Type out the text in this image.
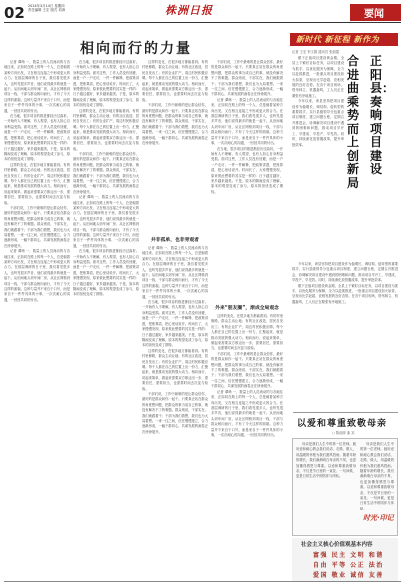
02 2024年3月14日 星期四
责任编辑 王宏 版式 刘涛	株洲日报	要闻
相向而行的力量

记者 谭萌 一、数量上的人员流动的与各地往来，正如同在路上的每一个人，总是朝着某种方向出发，又在相互连接之中形成更大的合力。在基层调研的日子里，我们看见很多人，也听见很多声音，他们说得最多的就是一起干。从田间地头到车间厂房，从社区网格到项目一线，干部与群众相向而行，才有了今天这样的面貌。这种力量并不来自于口号，而是来自于一件件具体的小事，一次次耐心的沟通，一回回共同的付出。

在当地，很多项目的推进都经历过曲折。一开始有人不理解，有人观望，也有人担心自身利益受损。面对这些，工作人员没有回避，而是一户一户走访，一件一件解释，把政策讲透，把账算清，把心里话说开。时间长了，大家慢慢发现，原来彼此想要的其实是一样的：日子越过越好，家乡越来越美。于是，原本的隔阂变成了理解，原本的观望变成了参与，原本的担忧变成了期待。

这样的变化，在很多地方都能看到。有的村里修路，群众主动让地；有的社区改造，居民自发出工；有的企业扩产，周边村民积极应聘。每个人都在自己的位置上出一份力，汇聚起来，就是推动发展的强大动力。相向而行，说起来简单，做起来需要双方都迈出一步，需要信任，需要担当，也需要时间去沉淀与检验。

干部们说，工作中最难的是让群众信你，最好的是群众和你一起干。只要真正站在群众的角度想问题，把群众的事当成自己的事，就没有解决不了的难题。群众则说，干部实在，我们就跟着干；干部为我们着想，我们也为大局着想。一来一往之间，信任慢慢建立，合力逐渐形成，一幅干群同心、共谋发展的画卷正在徐徐展开。

记者 谭萌 一、数量上的人员流动的与各地往来，正如同在路上的每一个人，总是朝着某种方向出发，又在相互连接之中形成更大的合力。在基层调研的日子里，我们看见很多人，也听见很多声音，他们说得最多的就是一起干。从田间地头到车间厂房，从社区网格到项目一线，干部与群众相向而行，才有了今天这样的面貌。这种力量并不来自于口号，而是来自于一件件具体的小事，一次次耐心的沟通，一回回共同的付出。

在当地，很多项目的推进都经历过曲折。一开始有人不理解，有人观望，也有人担心自身利益受损。面对这些，工作人员没有回避，而是一户一户走访，一件一件解释，把政策讲透，把账算清，把心里话说开。时间长了，大家慢慢发现，原来彼此想要的其实是一样的：日子越过越好，家乡越来越美。于是，原本的隔阂变成了理解，原本的观望变成了参与，原本的担忧变成了期待。

这样的变化，在很多地方都能看到。有的村里修路，群众主动让地；有的社区改造，居民自发出工；有的企业扩产，周边村民积极应聘。每个人都在自己的位置上出一份力，汇聚起来，就是推动发展的强大动力。相向而行，说起来简单，做起来需要双方都迈出一步，需要信任，需要担当，也需要时间去沉淀与检验。

干部们说，工作中最难的是让群众信你，最好的是群众和你一起干。只要真正站在群众的角度想问题，把群众的事当成自己的事，就没有解决不了的难题。群众则说，干部实在，我们就跟着干；干部为我们着想，我们也为大局着想。一来一往之间，信任慢慢建立，合力逐渐形成，一幅干群同心、共谋发展的画卷正在徐徐展开。

记者 谭萌 一、数量上的人员流动的与各地往来，正如同在路上的每一个人，总是朝着某种方向出发，又在相互连接之中形成更大的合力。在基层调研的日子里，我们看见很多人，也听见很多声音，他们说得最多的就是一起干。从田间地头到车间厂房，从社区网格到项目一线，干部与群众相向而行，才有了今天这样的面貌。这种力量并不来自于口号，而是来自于一件件具体的小事，一次次耐心的沟通，一回回共同的付出。

在当地，很多项目的推进都经历过曲折。一开始有人不理解，有人观望，也有人担心自身利益受损。面对这些，工作人员没有回避，而是一户一户走访，一件一件解释，把政策讲透，把账算清，把心里话说开。时间长了，大家慢慢发现，原来彼此想要的其实是一样的：日子越过越好，家乡越来越美。于是，原本的隔阂变成了理解，原本的观望变成了参与，原本的担忧变成了期待。

这样的变化，在很多地方都能看到。有的村里修路，群众主动让地；有的社区改造，居民自发出工；有的企业扩产，周边村民积极应聘。每个人都在自己的位置上出一份力，汇聚起来，就是推动发展的强大动力。相向而行，说起来简单，做起来需要双方都迈出一步，需要信任，需要担当，也需要时间去沉淀与检验。

干部们说，工作中最难的是让群众信你，最好的是群众和你一起干。只要真正站在群众的角度想问题，把群众的事当成自己的事，就没有解决不了的难题。群众则说，干部实在，我们就跟着干；干部为我们着想，我们也为大局着想。一来一往之间，信任慢慢建立，合力逐渐形成，一幅干群同心、共谋发展的画卷正在徐徐展开。

并非孤单，也非旁观者

记者 谭萌 一、数量上的人员流动的与各地往来，正如同在路上的每一个人，总是朝着某种方向出发，又在相互连接之中形成更大的合力。在基层调研的日子里，我们看见很多人，也听见很多声音，他们说得最多的就是一起干。从田间地头到车间厂房，从社区网格到项目一线，干部与群众相向而行，才有了今天这样的面貌。这种力量并不来自于口号，而是来自于一件件具体的小事，一次次耐心的沟通，一回回共同的付出。

在当地，很多项目的推进都经历过曲折。一开始有人不理解，有人观望，也有人担心自身利益受损。面对这些，工作人员没有回避，而是一户一户走访，一件一件解释，把政策讲透，把账算清，把心里话说开。时间长了，大家慢慢发现，原来彼此想要的其实是一样的：日子越过越好，家乡越来越美。于是，原本的隔阂变成了理解，原本的观望变成了参与，原本的担忧变成了期待。

这样的变化，在很多地方都能看到。有的村里修路，群众主动让地；有的社区改造，居民自发出工；有的企业扩产，周边村民积极应聘。每个人都在自己的位置上出一份力，汇聚起来，就是推动发展的强大动力。相向而行，说起来简单，做起来需要双方都迈出一步，需要信任，需要担当，也需要时间去沉淀与检验。

干部们说，工作中最难的是让群众信你，最好的是群众和你一起干。只要真正站在群众的角度想问题，把群众的事当成自己的事，就没有解决不了的难题。群众则说，干部实在，我们就跟着干；干部为我们着想，我们也为大局着想。一来一往之间，信任慢慢建立，合力逐渐形成，一幅干群同心、共谋发展的画卷正在徐徐展开。

干部们说，工作中最难的是让群众信你，最好的是群众和你一起干。只要真正站在群众的角度想问题，把群众的事当成自己的事，就没有解决不了的难题。群众则说，干部实在，我们就跟着干；干部为我们着想，我们也为大局着想。一来一往之间，信任慢慢建立，合力逐渐形成，一幅干群同心、共谋发展的画卷正在徐徐展开。

记者 谭萌 一、数量上的人员流动的与各地往来，正如同在路上的每一个人，总是朝着某种方向出发，又在相互连接之中形成更大的合力。在基层调研的日子里，我们看见很多人，也听见很多声音，他们说得最多的就是一起干。从田间地头到车间厂房，从社区网格到项目一线，干部与群众相向而行，才有了今天这样的面貌。这种力量并不来自于口号，而是来自于一件件具体的小事，一次次耐心的沟通，一回回共同的付出。

在当地，很多项目的推进都经历过曲折。一开始有人不理解，有人观望，也有人担心自身利益受损。面对这些，工作人员没有回避，而是一户一户走访，一件一件解释，把政策讲透，把账算清，把心里话说开。时间长了，大家慢慢发现，原来彼此想要的其实是一样的：日子越过越好，家乡越来越美。于是，原本的隔阂变成了理解，原本的观望变成了参与，原本的担忧变成了期待。

外来“朋友圈”，渐成全局观念

这样的变化，在很多地方都能看到。有的村里修路，群众主动让地；有的社区改造，居民自发出工；有的企业扩产，周边村民积极应聘。每个人都在自己的位置上出一份力，汇聚起来，就是推动发展的强大动力。相向而行，说起来简单，做起来需要双方都迈出一步，需要信任，需要担当，也需要时间去沉淀与检验。

干部们说，工作中最难的是让群众信你，最好的是群众和你一起干。只要真正站在群众的角度想问题，把群众的事当成自己的事，就没有解决不了的难题。群众则说，干部实在，我们就跟着干；干部为我们着想，我们也为大局着想。一来一往之间，信任慢慢建立，合力逐渐形成，一幅干群同心、共谋发展的画卷正在徐徐展开。

记者 谭萌 一、数量上的人员流动的与各地往来，正如同在路上的每一个人，总是朝着某种方向出发，又在相互连接之中形成更大的合力。在基层调研的日子里，我们看见很多人，也听见很多声音，他们说得最多的就是一起干。从田间地头到车间厂房，从社区网格到项目一线，干部与群众相向而行，才有了今天这样的面貌。这种力量并不来自于口号，而是来自于一件件具体的小事，一次次耐心的沟通，一回回共同的付出。

新时代 新征程 新作为
记者 王宏 李文娟 通讯员 张丽霞

眼下正值项目建设黄金期，全县上下紧盯目标任务，以项目建设为抓手，以优化服务为保障，全力以赴抓推进，一批重点项目建设如火如荼，呈现出比学赶超、竞相发展的良好态势。在各个项目现场，塔吊林立、机器轰鸣，工人们正在紧张有序地施工。

今年以来，该县坚持把项目建设作为稳增长、调结构、促转型的重要抓手，实行县级领导分包重点项目制度，建立问题台账，定期召开推进会，协调解决项目建设中遇到的困难和问题，推动项目早开工、早建成、早投产、早见效。同时，持续深化放管服改革，提升审批效率。

正阳县：奏响项目建设
合进曲乘势而上创新局

今年以来，该县坚持把项目建设作为稳增长、调结构、促转型的重要抓手，实行县级领导分包重点项目制度，建立问题台账，定期召开推进会，协调解决项目建设中遇到的困难和问题，推动项目早开工、早建成、早投产、早见效。同时，持续深化放管服改革，提升审批效率。

眼下正值项目建设黄金期，全县上下紧盯目标任务，以项目建设为抓手，以优化服务为保障，全力以赴抓推进，一批重点项目建设如火如荼，呈现出比学赶超、竞相发展的良好态势。在各个项目现场，塔吊林立、机器轰鸣，工人们正在紧张有序地施工。

以爱和尊重致敬母亲
○ 陈丽萍 曲 宾

母亲是我们人生中的第一位老师。她用爱和耐心教会我们说话、走路、做人，用温暖的怀抱为我们遮风挡雨。随着年龄的增长，我们渐渐明白母亲的不易，也更加懂得感恩与尊重。以爱和尊重致敬母亲，不仅是节日里的一束花、一句问候，更是日常生活中的陪伴与体贴。

母亲是我们人生中的第一位老师。她用爱和耐心教会我们说话、走路、做人，用温暖的怀抱为我们遮风挡雨。随着年龄的增长，我们渐渐明白母亲的不易，也更加懂得感恩与尊重。以爱和尊重致敬母亲，不仅是节日里的一束花、一句问候，更是日常生活中的陪伴与体贴。

时光·印记
社会主义核心价值观基本内容
富强 民主 文明 和谐
自由 平等 公正 法治
爱国 敬业 诚信 友善
